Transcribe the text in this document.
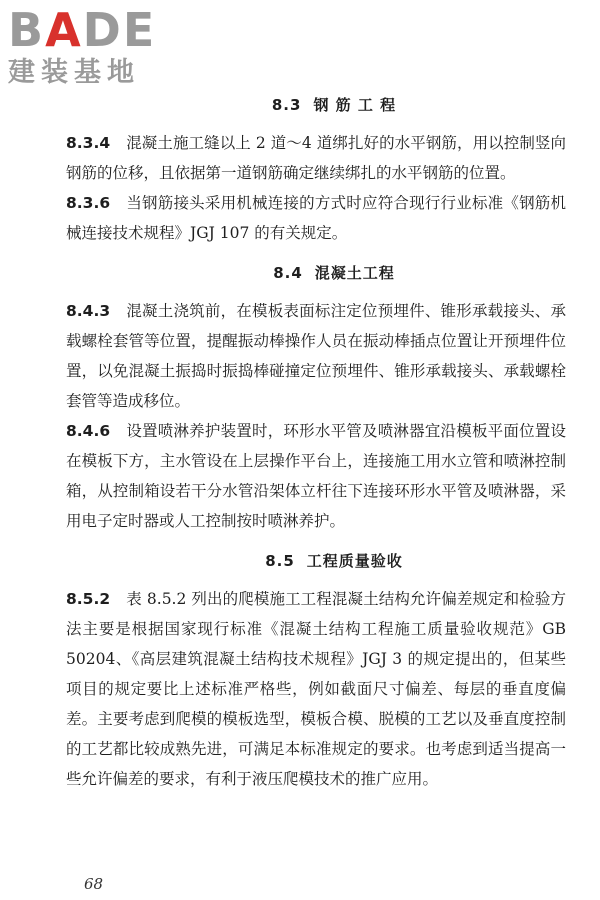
BADE
建装基地
8.3 钢 筋 工 程

8.3.4 混凝土施工缝以上 2 道～4 道绑扎好的水平钢筋，用以控制竖向钢筋的位移，且依据第一道钢筋确定继续绑扎的水平钢筋的位置。

8.3.6 当钢筋接头采用机械连接的方式时应符合现行行业标准《钢筋机械连接技术规程》JGJ 107 的有关规定。

8.4 混凝土工程

8.4.3 混凝土浇筑前，在模板表面标注定位预埋件、锥形承载接头、承载螺栓套管等位置，提醒振动棒操作人员在振动棒插点位置让开预埋件位置，以免混凝土振捣时振捣棒碰撞定位预埋件、锥形承载接头、承载螺栓套管等造成移位。

8.4.6 设置喷淋养护装置时，环形水平管及喷淋器宜沿模板平面位置设在模板下方，主水管设在上层操作平台上，连接施工用水立管和喷淋控制箱，从控制箱设若干分水管沿架体立杆往下连接环形水平管及喷淋器，采用电子定时器或人工控制按时喷淋养护。

8.5 工程质量验收

8.5.2 表 8.5.2 列出的爬模施工工程混凝土结构允许偏差规定和检验方法主要是根据国家现行标准《混凝土结构工程施工质量验收规范》GB 50204、《高层建筑混凝土结构技术规程》JGJ 3 的规定提出的，但某些项目的规定要比上述标准严格些，例如截面尺寸偏差、每层的垂直度偏差。主要考虑到爬模的模板选型，模板合模、脱模的工艺以及垂直度控制的工艺都比较成熟先进，可满足本标准规定的要求。也考虑到适当提高一些允许偏差的要求，有利于液压爬模技术的推广应用。

68
